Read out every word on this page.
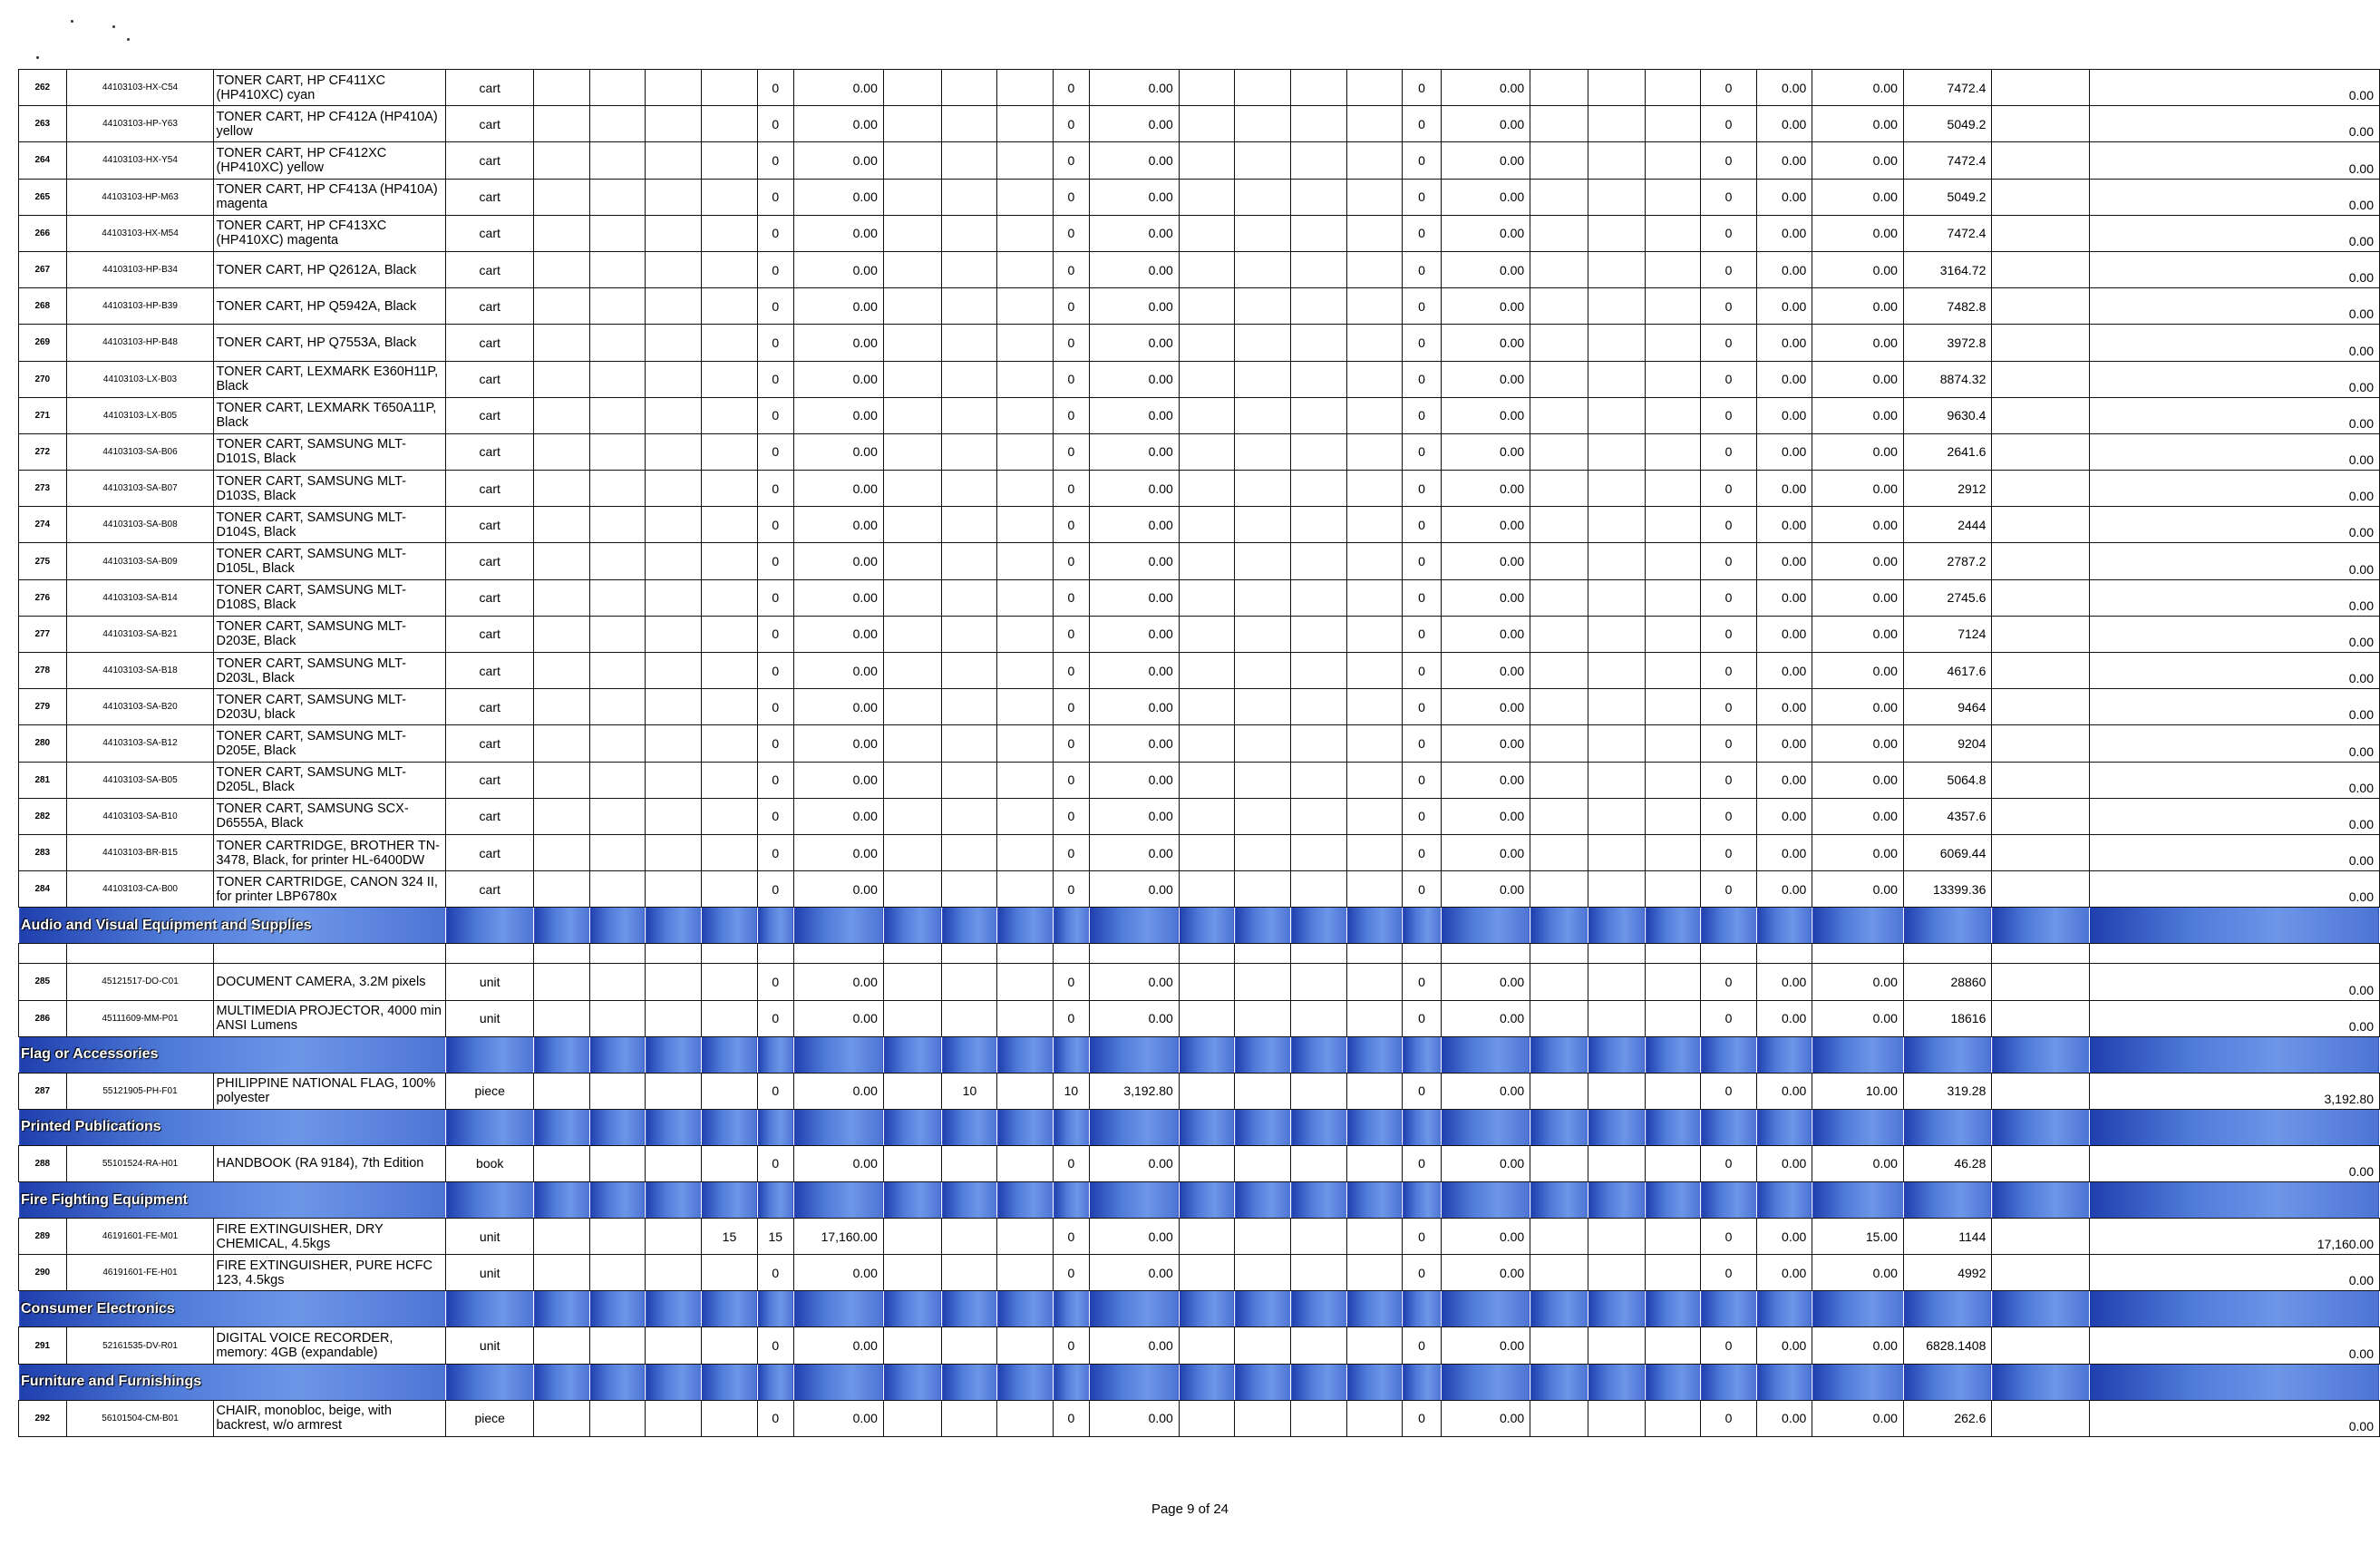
262	44103103-HX-C54	TONER CART, HP CF411XC (HP410XC) cyan	cart					0	0.00				0	0.00					0	0.00				0	0.00	0.00	7472.4		0.00
263	44103103-HP-Y63	TONER CART, HP CF412A (HP410A) yellow	cart					0	0.00				0	0.00					0	0.00				0	0.00	0.00	5049.2		0.00
264	44103103-HX-Y54	TONER CART, HP CF412XC (HP410XC) yellow	cart					0	0.00				0	0.00					0	0.00				0	0.00	0.00	7472.4		0.00
265	44103103-HP-M63	TONER CART, HP CF413A (HP410A) magenta	cart					0	0.00				0	0.00					0	0.00				0	0.00	0.00	5049.2		0.00
266	44103103-HX-M54	TONER CART, HP CF413XC (HP410XC) magenta	cart					0	0.00				0	0.00					0	0.00				0	0.00	0.00	7472.4		0.00
267	44103103-HP-B34	TONER CART, HP Q2612A, Black	cart					0	0.00				0	0.00					0	0.00				0	0.00	0.00	3164.72		0.00
268	44103103-HP-B39	TONER CART, HP Q5942A, Black	cart					0	0.00				0	0.00					0	0.00				0	0.00	0.00	7482.8		0.00
269	44103103-HP-B48	TONER CART, HP Q7553A, Black	cart					0	0.00				0	0.00					0	0.00				0	0.00	0.00	3972.8		0.00
270	44103103-LX-B03	TONER CART, LEXMARK E360H11P, Black	cart					0	0.00				0	0.00					0	0.00				0	0.00	0.00	8874.32		0.00
271	44103103-LX-B05	TONER CART, LEXMARK T650A11P, Black	cart					0	0.00				0	0.00					0	0.00				0	0.00	0.00	9630.4		0.00
272	44103103-SA-B06	TONER CART, SAMSUNG MLT-D101S, Black	cart					0	0.00				0	0.00					0	0.00				0	0.00	0.00	2641.6		0.00
273	44103103-SA-B07	TONER CART, SAMSUNG MLT-D103S, Black	cart					0	0.00				0	0.00					0	0.00				0	0.00	0.00	2912		0.00
274	44103103-SA-B08	TONER CART, SAMSUNG MLT-D104S, Black	cart					0	0.00				0	0.00					0	0.00				0	0.00	0.00	2444		0.00
275	44103103-SA-B09	TONER CART, SAMSUNG MLT-D105L, Black	cart					0	0.00				0	0.00					0	0.00				0	0.00	0.00	2787.2		0.00
276	44103103-SA-B14	TONER CART, SAMSUNG MLT-D108S, Black	cart					0	0.00				0	0.00					0	0.00				0	0.00	0.00	2745.6		0.00
277	44103103-SA-B21	TONER CART, SAMSUNG MLT-D203E, Black	cart					0	0.00				0	0.00					0	0.00				0	0.00	0.00	7124		0.00
278	44103103-SA-B18	TONER CART, SAMSUNG MLT-D203L, Black	cart					0	0.00				0	0.00					0	0.00				0	0.00	0.00	4617.6		0.00
279	44103103-SA-B20	TONER CART, SAMSUNG MLT-D203U, black	cart					0	0.00				0	0.00					0	0.00				0	0.00	0.00	9464		0.00
280	44103103-SA-B12	TONER CART, SAMSUNG MLT-D205E, Black	cart					0	0.00				0	0.00					0	0.00				0	0.00	0.00	9204		0.00
281	44103103-SA-B05	TONER CART, SAMSUNG MLT-D205L, Black	cart					0	0.00				0	0.00					0	0.00				0	0.00	0.00	5064.8		0.00
282	44103103-SA-B10	TONER CART, SAMSUNG SCX-D6555A, Black	cart					0	0.00				0	0.00					0	0.00				0	0.00	0.00	4357.6		0.00
283	44103103-BR-B15	TONER CARTRIDGE, BROTHER TN-3478, Black, for printer HL-6400DW	cart					0	0.00				0	0.00					0	0.00				0	0.00	0.00	6069.44		0.00
284	44103103-CA-B00	TONER CARTRIDGE, CANON 324 II, for printer LBP6780x	cart					0	0.00				0	0.00					0	0.00				0	0.00	0.00	13399.36		0.00
Audio and Visual Equipment and Supplies																													

285	45121517-DO-C01	DOCUMENT CAMERA, 3.2M pixels	unit					0	0.00				0	0.00					0	0.00				0	0.00	0.00	28860		0.00
286	45111609-MM-P01	MULTIMEDIA PROJECTOR, 4000 min ANSI Lumens	unit					0	0.00				0	0.00					0	0.00				0	0.00	0.00	18616		0.00
Flag or Accessories																													
287	55121905-PH-F01	PHILIPPINE NATIONAL FLAG, 100% polyester	piece					0	0.00		10		10	3,192.80					0	0.00				0	0.00	10.00	319.28		3,192.80
Printed Publications																													
288	55101524-RA-H01	HANDBOOK (RA 9184), 7th Edition	book					0	0.00				0	0.00					0	0.00				0	0.00	0.00	46.28		0.00
Fire Fighting Equipment																													
289	46191601-FE-M01	FIRE EXTINGUISHER, DRY CHEMICAL, 4.5kgs	unit				15	15	17,160.00				0	0.00					0	0.00				0	0.00	15.00	1144		17,160.00
290	46191601-FE-H01	FIRE EXTINGUISHER, PURE HCFC 123, 4.5kgs	unit					0	0.00				0	0.00					0	0.00				0	0.00	0.00	4992		0.00
Consumer Electronics																													
291	52161535-DV-R01	DIGITAL VOICE RECORDER, memory: 4GB (expandable)	unit					0	0.00				0	0.00					0	0.00				0	0.00	0.00	6828.1408		0.00
Furniture and Furnishings																													
292	56101504-CM-B01	CHAIR, monobloc, beige, with backrest, w/o armrest	piece					0	0.00				0	0.00					0	0.00				0	0.00	0.00	262.6		0.00
Page 9 of 24
